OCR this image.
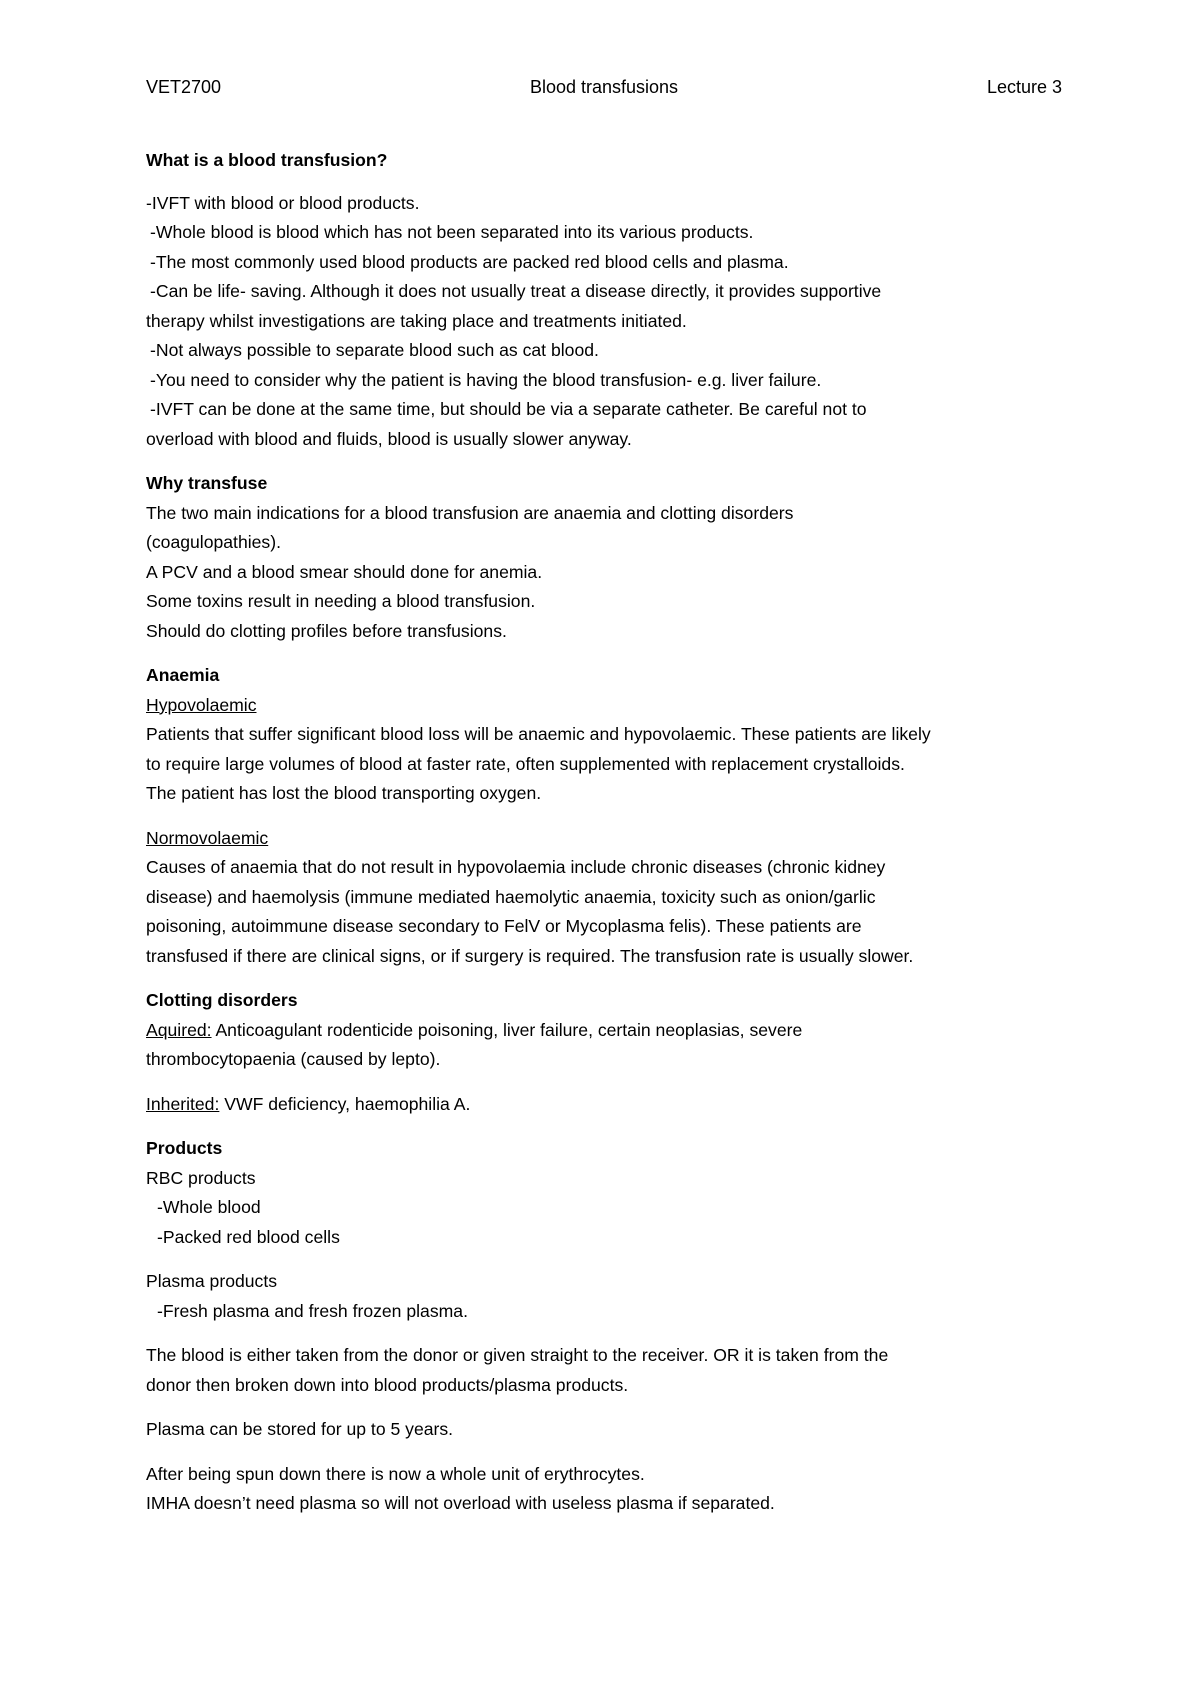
VET2700	Blood transfusions	Lecture 3

What is a blood transfusion?

-IVFT with blood or blood products.

-Whole blood is blood which has not been separated into its various products.

-The most commonly used blood products are packed red blood cells and plasma.

-Can be life- saving. Although it does not usually treat a disease directly, it provides supportive

therapy whilst investigations are taking place and treatments initiated.

-Not always possible to separate blood such as cat blood.

-You need to consider why the patient is having the blood transfusion- e.g. liver failure.

-IVFT can be done at the same time, but should be via a separate catheter. Be careful not to

overload with blood and fluids, blood is usually slower anyway.

Why transfuse

The two main indications for a blood transfusion are anaemia and clotting disorders

(coagulopathies).

A PCV and a blood smear should done for anemia.

Some toxins result in needing a blood transfusion.

Should do clotting profiles before transfusions.

Anaemia

Hypovolaemic

Patients that suffer significant blood loss will be anaemic and hypovolaemic. These patients are likely

to require large volumes of blood at faster rate, often supplemented with replacement crystalloids.

The patient has lost the blood transporting oxygen.

Normovolaemic

Causes of anaemia that do not result in hypovolaemia include chronic diseases (chronic kidney

disease) and haemolysis (immune mediated haemolytic anaemia, toxicity such as onion/garlic

poisoning, autoimmune disease secondary to FelV or Mycoplasma felis). These patients are

transfused if there are clinical signs, or if surgery is required. The transfusion rate is usually slower.

Clotting disorders

Aquired: Anticoagulant rodenticide poisoning, liver failure, certain neoplasias, severe

thrombocytopaenia (caused by lepto).

Inherited: VWF deficiency, haemophilia A.

Products

RBC products

-Whole blood

-Packed red blood cells

Plasma products

-Fresh plasma and fresh frozen plasma.

The blood is either taken from the donor or given straight to the receiver. OR it is taken from the

donor then broken down into blood products/plasma products.

Plasma can be stored for up to 5 years.

After being spun down there is now a whole unit of erythrocytes.

IMHA doesn’t need plasma so will not overload with useless plasma if separated.
